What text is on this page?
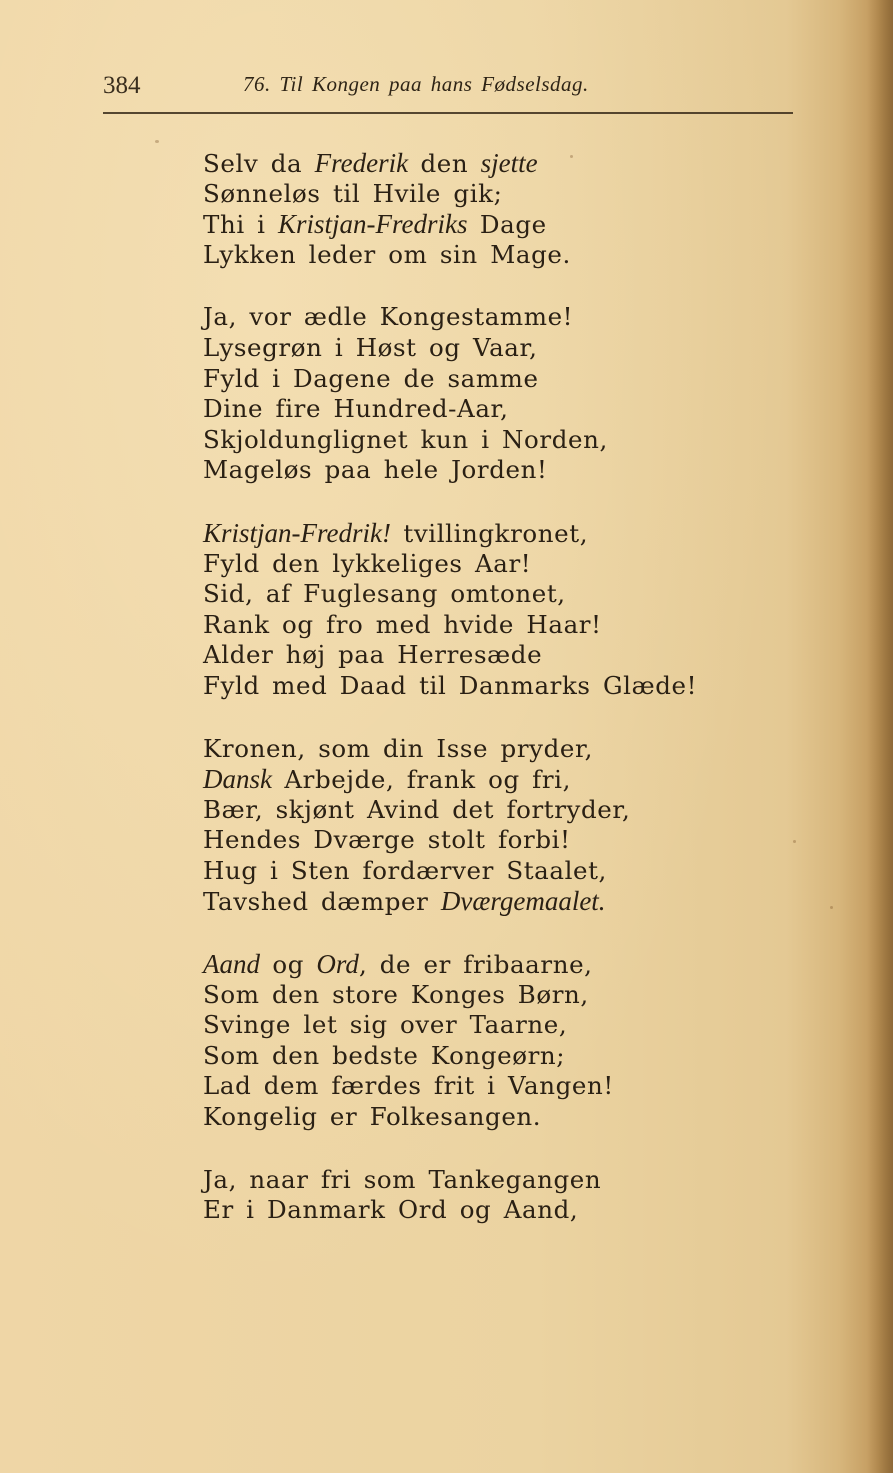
384	76. Til Kongen paa hans Fødselsdag.
Selv da Frederik den sjette
Sønneløs til Hvile gik;
Thi i Kristjan-Fredriks Dage
Lykken leder om sin Mage.
Ja, vor ædle Kongestamme!
Lysegrøn i Høst og Vaar,
Fyld i Dagene de samme
Dine fire Hundred-Aar,
Skjoldunglignet kun i Norden,
Mageløs paa hele Jorden!
Kristjan-Fredrik! tvillingkronet,
Fyld den lykkeliges Aar!
Sid, af Fuglesang omtonet,
Rank og fro med hvide Haar!
Alder høj paa Herresæde
Fyld med Daad til Danmarks Glæde!
Kronen, som din Isse pryder,
Dansk Arbejde, frank og fri,
Bær, skjønt Avind det fortryder,
Hendes Dværge stolt forbi!
Hug i Sten fordærver Staalet,
Tavshed dæmper Dværgemaalet.
Aand og Ord, de er fribaarne,
Som den store Konges Børn,
Svinge let sig over Taarne,
Som den bedste Kongeørn;
Lad dem færdes frit i Vangen!
Kongelig er Folkesangen.
Ja, naar fri som Tankegangen
Er i Danmark Ord og Aand,
